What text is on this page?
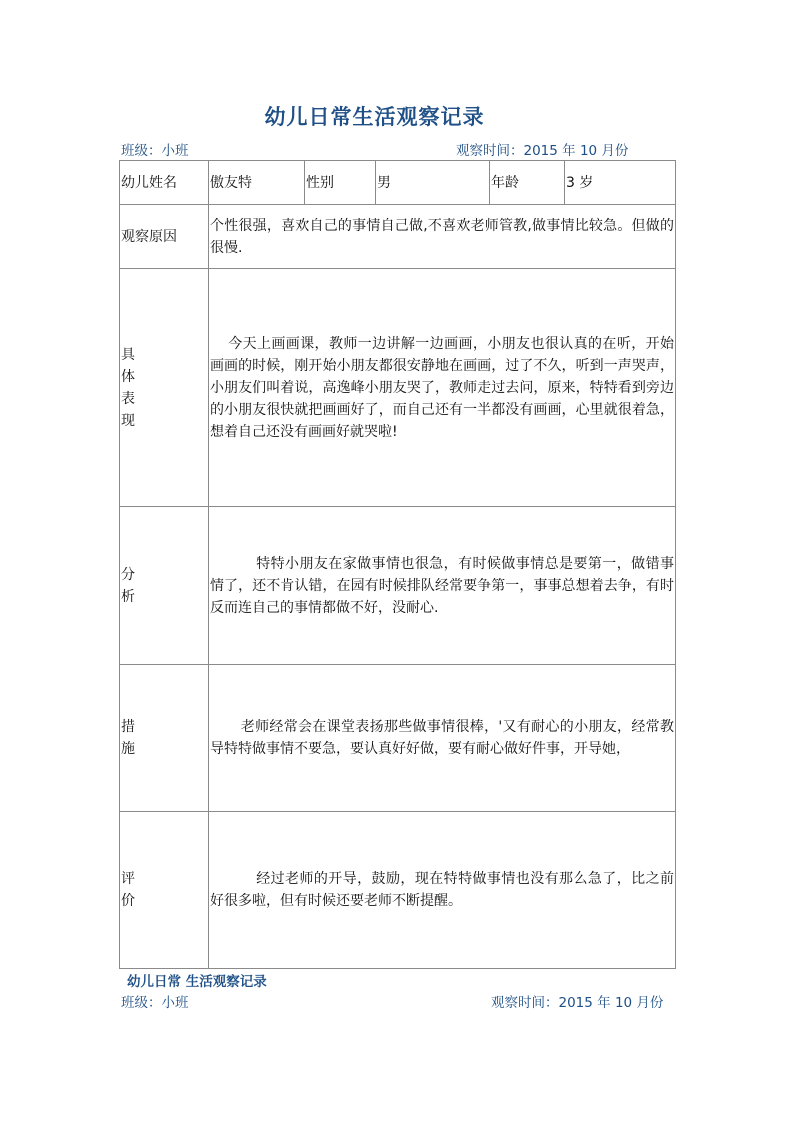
幼儿日常生活观察记录
班级：小班	观察时间：2015 年 10 月份
幼儿姓名	傲友特	性别	男	年龄	3 岁
观察原因	个性很强，喜欢自己的事情自己做,不喜欢老师管教,做事情比较急。但做的很慢.				

具体表现	今天上画画课，教师一边讲解一边画画，小朋友也很认真的在听，开始画画的时候，刚开始小朋友都很安静地在画画，过了不久，听到一声哭声，小朋友们叫着说，高逸峰小朋友哭了，教师走过去问，原来，特特看到旁边的小朋友很快就把画画好了，而自己还有一半都没有画画，心里就很着急，想着自己还没有画画好就哭啦!				

分析	特特小朋友在家做事情也很急，有时候做事情总是要第一，做错事情了，还不肯认错，在园有时候排队经常要争第一，事事总想着去争，有时反而连自己的事情都做不好，没耐心.				

措施	老师经常会在课堂表扬那些做事情很棒，'又有耐心的小朋友，经常教导特特做事情不要急，要认真好好做，要有耐心做好件事，开导她，				

评价	经过老师的开导，鼓励，现在特特做事情也没有那么急了，比之前好很多啦，但有时候还要老师不断提醒。				
幼儿日常 生活观察记录
班级：小班	观察时间：2015 年 10 月份
